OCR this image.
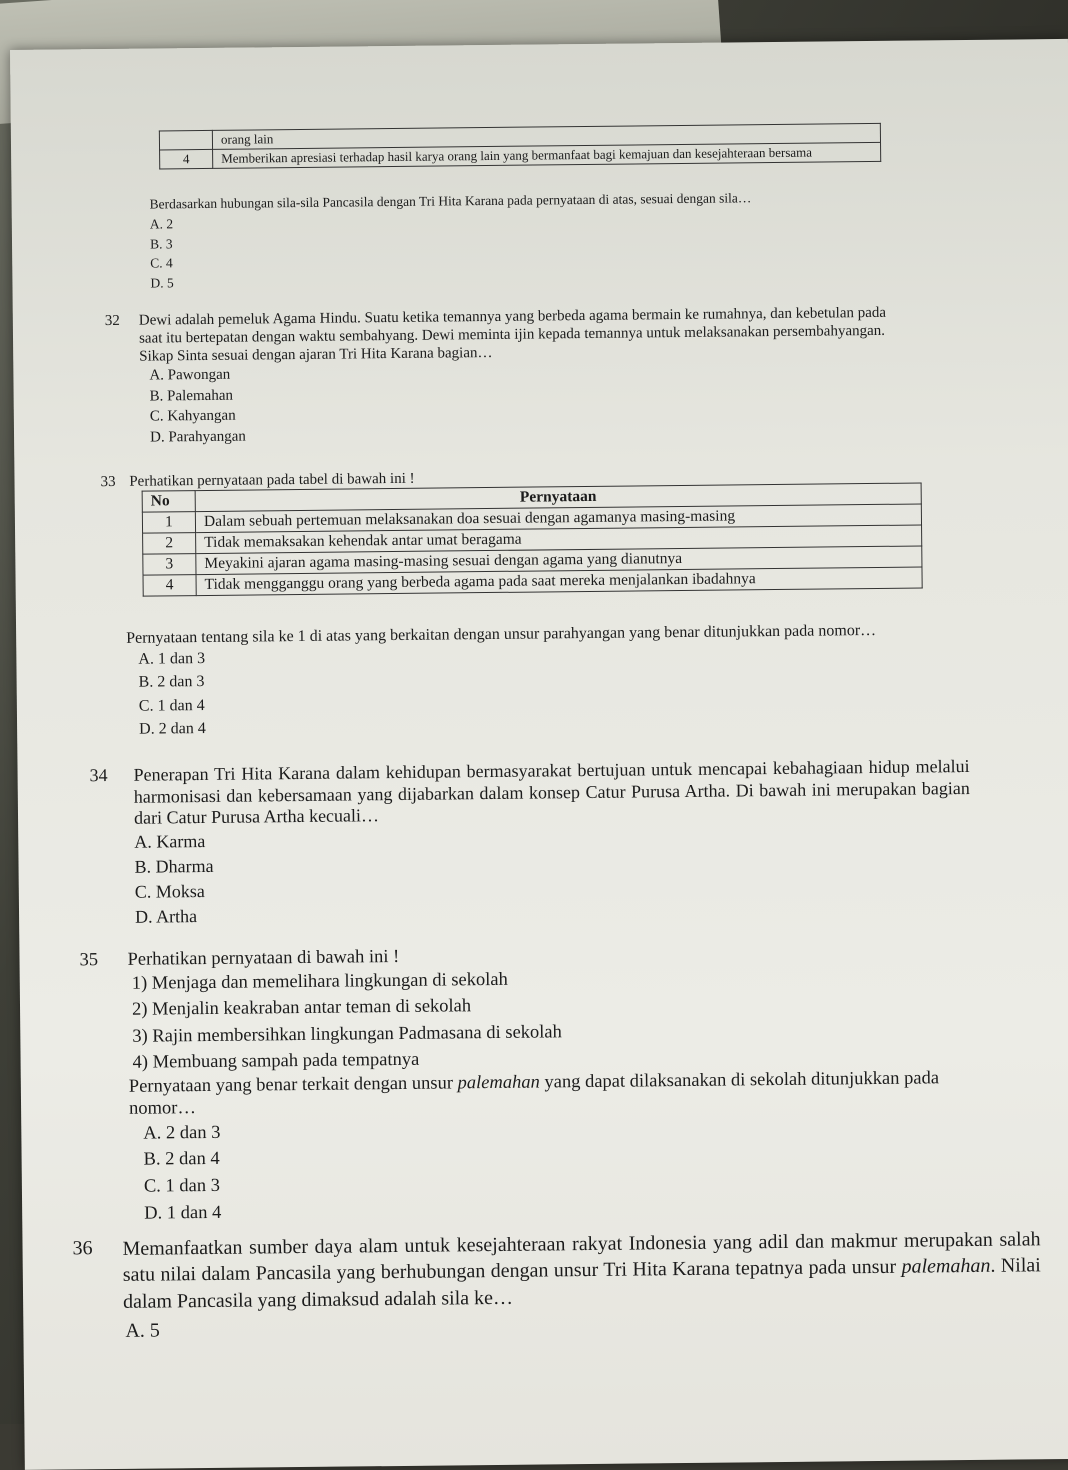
	orang lain
4	Memberikan apresiasi terhadap hasil karya orang lain yang bermanfaat bagi kemajuan dan kesejahteraan bersama
Berdasarkan hubungan sila-sila Pancasila dengan Tri Hita Karana pada pernyataan di atas, sesuai dengan sila…
A. 2
B. 3
C. 4
D. 5
32 Dewi adalah pemeluk Agama Hindu. Suatu ketika temannya yang berbeda agama bermain ke rumahnya, dan kebetulan pada saat itu bertepatan dengan waktu sembahyang. Dewi meminta ijin kepada temannya untuk melaksanakan persembahyangan. Sikap Sinta sesuai dengan ajaran Tri Hita Karana bagian…
A. Pawongan
B. Palemahan
C. Kahyangan
D. Parahyangan
33 Perhatikan pernyataan pada tabel di bawah ini !
No	Pernyataan
1	Dalam sebuah pertemuan melaksanakan doa sesuai dengan agamanya masing-masing
2	Tidak memaksakan kehendak antar umat beragama
3	Meyakini ajaran agama masing-masing sesuai dengan agama yang dianutnya
4	Tidak mengganggu orang yang berbeda agama pada saat mereka menjalankan ibadahnya
Pernyataan tentang sila ke 1 di atas yang berkaitan dengan unsur parahyangan yang benar ditunjukkan pada nomor…
A. 1 dan 3
B. 2 dan 3
C. 1 dan 4
D. 2 dan 4
34 Penerapan Tri Hita Karana dalam kehidupan bermasyarakat bertujuan untuk mencapai kebahagiaan hidup melalui harmonisasi dan kebersamaan yang dijabarkan dalam konsep Catur Purusa Artha. Di bawah ini merupakan bagian dari Catur Purusa Artha kecuali…
A. Karma
B. Dharma
C. Moksa
D. Artha
35 Perhatikan pernyataan di bawah ini !
1) Menjaga dan memelihara lingkungan di sekolah
2) Menjalin keakraban antar teman di sekolah
3) Rajin membersihkan lingkungan Padmasana di sekolah
4) Membuang sampah pada tempatnya
Pernyataan yang benar terkait dengan unsur palemahan yang dapat dilaksanakan di sekolah ditunjukkan pada nomor…
A. 2 dan 3
B. 2 dan 4
C. 1 dan 3
D. 1 dan 4
36 Memanfaatkan sumber daya alam untuk kesejahteraan rakyat Indonesia yang adil dan makmur merupakan salah satu nilai dalam Pancasila yang berhubungan dengan unsur Tri Hita Karana tepatnya pada unsur palemahan. Nilai dalam Pancasila yang dimaksud adalah sila ke…
A. 5
